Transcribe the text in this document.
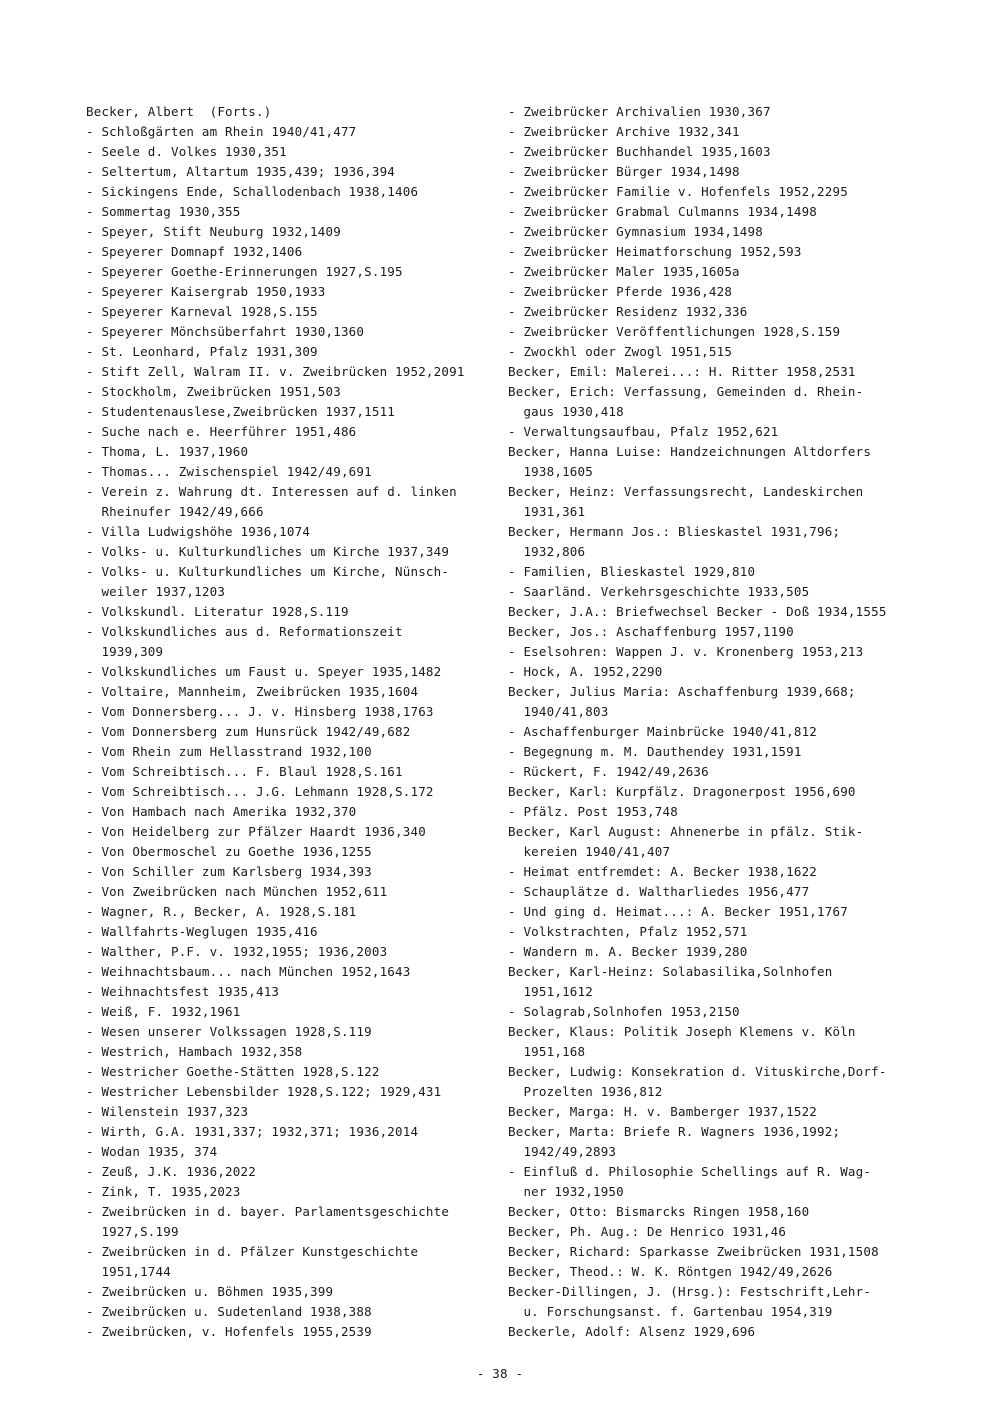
Becker, Albert  (Forts.)
- Schloßgärten am Rhein 1940/41,477
- Seele d. Volkes 1930,351
- Seltertum, Altartum 1935,439; 1936,394
- Sickingens Ende, Schallodenbach 1938,1406
- Sommertag 1930,355
- Speyer, Stift Neuburg 1932,1409
- Speyerer Domnapf 1932,1406
- Speyerer Goethe-Erinnerungen 1927,S.195
- Speyerer Kaisergrab 1950,1933
- Speyerer Karneval 1928,S.155
- Speyerer Mönchsüberfahrt 1930,1360
- St. Leonhard, Pfalz 1931,309
- Stift Zell, Walram II. v. Zweibrücken 1952,2091
- Stockholm, Zweibrücken 1951,503
- Studentenauslese,Zweibrücken 1937,1511
- Suche nach e. Heerführer 1951,486
- Thoma, L. 1937,1960
- Thomas... Zwischenspiel 1942/49,691
- Verein z. Wahrung dt. Interessen auf d. linken
Rheinufer 1942/49,666
- Villa Ludwigshöhe 1936,1074
- Volks- u. Kulturkundliches um Kirche 1937,349
- Volks- u. Kulturkundliches um Kirche, Nünsch-
weiler 1937,1203
- Volkskundl. Literatur 1928,S.119
- Volkskundliches aus d. Reformationszeit
1939,309
- Volkskundliches um Faust u. Speyer 1935,1482
- Voltaire, Mannheim, Zweibrücken 1935,1604
- Vom Donnersberg... J. v. Hinsberg 1938,1763
- Vom Donnersberg zum Hunsrück 1942/49,682
- Vom Rhein zum Hellasstrand 1932,100
- Vom Schreibtisch... F. Blaul 1928,S.161
- Vom Schreibtisch... J.G. Lehmann 1928,S.172
- Von Hambach nach Amerika 1932,370
- Von Heidelberg zur Pfälzer Haardt 1936,340
- Von Obermoschel zu Goethe 1936,1255
- Von Schiller zum Karlsberg 1934,393
- Von Zweibrücken nach München 1952,611
- Wagner, R., Becker, A. 1928,S.181
- Wallfahrts-Weglugen 1935,416
- Walther, P.F. v. 1932,1955; 1936,2003
- Weihnachtsbaum... nach München 1952,1643
- Weihnachtsfest 1935,413
- Weiß, F. 1932,1961
- Wesen unserer Volkssagen 1928,S.119
- Westrich, Hambach 1932,358
- Westricher Goethe-Stätten 1928,S.122
- Westricher Lebensbilder 1928,S.122; 1929,431
- Wilenstein 1937,323
- Wirth, G.A. 1931,337; 1932,371; 1936,2014
- Wodan 1935, 374
- Zeuß, J.K. 1936,2022
- Zink, T. 1935,2023
- Zweibrücken in d. bayer. Parlamentsgeschichte
1927,S.199
- Zweibrücken in d. Pfälzer Kunstgeschichte
1951,1744
- Zweibrücken u. Böhmen 1935,399
- Zweibrücken u. Sudetenland 1938,388
- Zweibrücken, v. Hofenfels 1955,2539
- Zweibrücker Archivalien 1930,367
- Zweibrücker Archive 1932,341
- Zweibrücker Buchhandel 1935,1603
- Zweibrücker Bürger 1934,1498
- Zweibrücker Familie v. Hofenfels 1952,2295
- Zweibrücker Grabmal Culmanns 1934,1498
- Zweibrücker Gymnasium 1934,1498
- Zweibrücker Heimatforschung 1952,593
- Zweibrücker Maler 1935,1605a
- Zweibrücker Pferde 1936,428
- Zweibrücker Residenz 1932,336
- Zweibrücker Veröffentlichungen 1928,S.159
- Zwockhl oder Zwogl 1951,515
Becker, Emil: Malerei...: H. Ritter 1958,2531
Becker, Erich: Verfassung, Gemeinden d. Rhein-
gaus 1930,418
- Verwaltungsaufbau, Pfalz 1952,621
Becker, Hanna Luise: Handzeichnungen Altdorfers
1938,1605
Becker, Heinz: Verfassungsrecht, Landeskirchen
1931,361
Becker, Hermann Jos.: Blieskastel 1931,796;
1932,806
- Familien, Blieskastel 1929,810
- Saarländ. Verkehrsgeschichte 1933,505
Becker, J.A.: Briefwechsel Becker - Doß 1934,1555
Becker, Jos.: Aschaffenburg 1957,1190
- Eselsohren: Wappen J. v. Kronenberg 1953,213
- Hock, A. 1952,2290
Becker, Julius Maria: Aschaffenburg 1939,668;
1940/41,803
- Aschaffenburger Mainbrücke 1940/41,812
- Begegnung m. M. Dauthendey 1931,1591
- Rückert, F. 1942/49,2636
Becker, Karl: Kurpfälz. Dragonerpost 1956,690
- Pfälz. Post 1953,748
Becker, Karl August: Ahnenerbe in pfälz. Stik-
kereien 1940/41,407
- Heimat entfremdet: A. Becker 1938,1622
- Schauplätze d. Waltharliedes 1956,477
- Und ging d. Heimat...: A. Becker 1951,1767
- Volkstrachten, Pfalz 1952,571
- Wandern m. A. Becker 1939,280
Becker, Karl-Heinz: Solabasilika,Solnhofen
1951,1612
- Solagrab,Solnhofen 1953,2150
Becker, Klaus: Politik Joseph Klemens v. Köln
1951,168
Becker, Ludwig: Konsekration d. Vituskirche,Dorf-
Prozelten 1936,812
Becker, Marga: H. v. Bamberger 1937,1522
Becker, Marta: Briefe R. Wagners 1936,1992;
1942/49,2893
- Einfluß d. Philosophie Schellings auf R. Wag-
ner 1932,1950
Becker, Otto: Bismarcks Ringen 1958,160
Becker, Ph. Aug.: De Henrico 1931,46
Becker, Richard: Sparkasse Zweibrücken 1931,1508
Becker, Theod.: W. K. Röntgen 1942/49,2626
Becker-Dillingen, J. (Hrsg.): Festschrift,Lehr-
u. Forschungsanst. f. Gartenbau 1954,319
Beckerle, Adolf: Alsenz 1929,696
- 38 -
